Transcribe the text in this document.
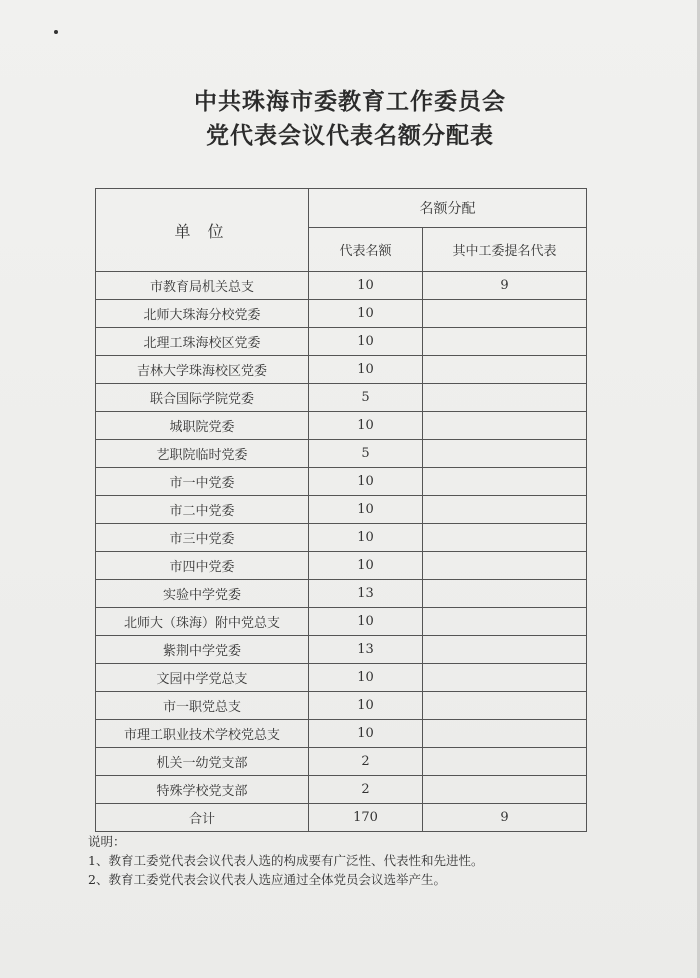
中共珠海市委教育工作委员会
党代表会议代表名额分配表
单 位	名额分配	
	代表名额	其中工委提名代表
市教育局机关总支	10	9
北师大珠海分校党委	10	
北理工珠海校区党委	10	
吉林大学珠海校区党委	10	
联合国际学院党委	5	
城职院党委	10	
艺职院临时党委	5	
市一中党委	10	
市二中党委	10	
市三中党委	10	
市四中党委	10	
实验中学党委	13	
北师大（珠海）附中党总支	10	
紫荆中学党委	13	
文园中学党总支	10	
市一职党总支	10	
市理工职业技术学校党总支	10	
机关一幼党支部	2	
特殊学校党支部	2	
合计	170	9
说明：
1、教育工委党代表会议代表人选的构成要有广泛性、代表性和先进性。
2、教育工委党代表会议代表人选应通过全体党员会议选举产生。
